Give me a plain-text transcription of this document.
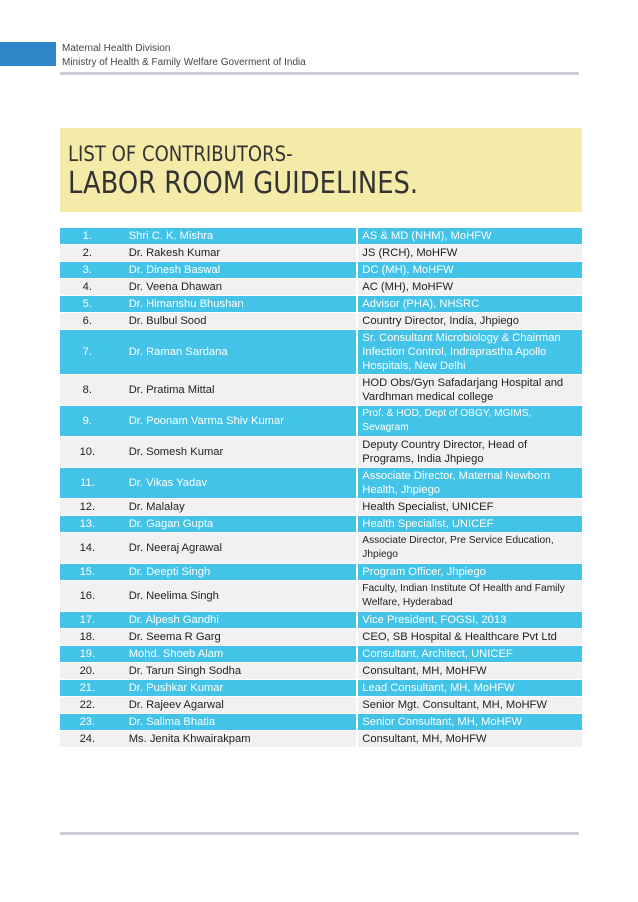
Maternal Health Division
Ministry of Health & Family Welfare Goverment of India
LIST OF CONTRIBUTORS-
LABOR ROOM GUIDELINES.
1.	Shri C. K. Mishra	AS & MD (NHM), MoHFW
2.	Dr. Rakesh Kumar	JS (RCH), MoHFW
3.	Dr. Dinesh Baswal	DC (MH), MoHFW
4.	Dr. Veena Dhawan	AC (MH), MoHFW
5.	Dr. Himanshu Bhushan	Advisor (PHA), NHSRC
6.	Dr. Bulbul Sood	Country Director, India, Jhpiego
7.	Dr. Raman Sardana	Sr. Consultant Microbiology & Chairman Infection Control, Indraprastha Apollo Hospitals, New Delhi
8.	Dr. Pratima Mittal	HOD Obs/Gyn Safadarjang Hospital and Vardhman medical college
9.	Dr. Poonam Varma Shiv Kumar	Prof. & HOD, Dept of OBGY, MGIMS, Sevagram
10.	Dr. Somesh Kumar	Deputy Country Director, Head of Programs, India Jhpiego
11.	Dr. Vikas Yadav	Associate Director, Maternal Newborn Health, Jhpiego
12.	Dr. Malalay	Health Specialist, UNICEF
13.	Dr. Gagan Gupta	Health Specialist, UNICEF
14.	Dr. Neeraj Agrawal	Associate Director, Pre Service Education, Jhpiego
15.	Dr. Deepti Singh	Program Officer, Jhpiego
16.	Dr. Neelima Singh	Faculty, Indian Institute Of Health and Family Welfare, Hyderabad
17.	Dr. Alpesh Gandhi	Vice President, FOGSI, 2013
18.	Dr. Seema R Garg	CEO, SB Hospital & Healthcare Pvt Ltd
19.	Mohd. Shoeb Alam	Consultant, Architect, UNICEF
20.	Dr. Tarun Singh Sodha	Consultant, MH, MoHFW
21.	Dr. Pushkar Kumar	Lead Consultant, MH, MoHFW
22.	Dr. Rajeev Agarwal	Senior Mgt. Consultant, MH, MoHFW
23.	Dr. Salima Bhatia	Senior Consultant, MH, MoHFW
24.	Ms. Jenita Khwairakpam	Consultant, MH, MoHFW
